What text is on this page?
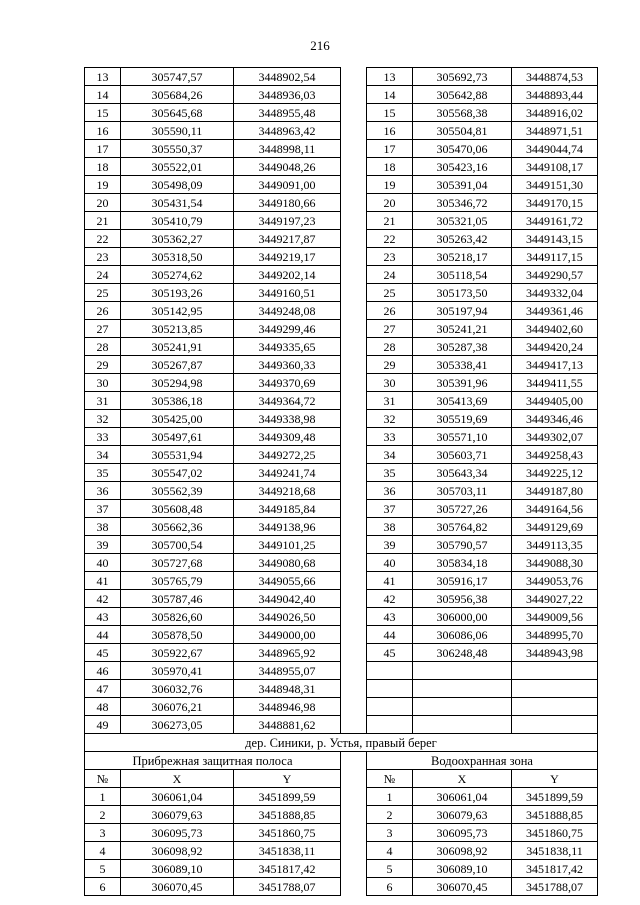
216
13	305747,57	3448902,54		13	305692,73	3448874,53
14	305684,26	3448936,03		14	305642,88	3448893,44
15	305645,68	3448955,48		15	305568,38	3448916,02
16	305590,11	3448963,42		16	305504,81	3448971,51
17	305550,37	3448998,11		17	305470,06	3449044,74
18	305522,01	3449048,26		18	305423,16	3449108,17
19	305498,09	3449091,00		19	305391,04	3449151,30
20	305431,54	3449180,66		20	305346,72	3449170,15
21	305410,79	3449197,23		21	305321,05	3449161,72
22	305362,27	3449217,87		22	305263,42	3449143,15
23	305318,50	3449219,17		23	305218,17	3449117,15
24	305274,62	3449202,14		24	305118,54	3449290,57
25	305193,26	3449160,51		25	305173,50	3449332,04
26	305142,95	3449248,08		26	305197,94	3449361,46
27	305213,85	3449299,46		27	305241,21	3449402,60
28	305241,91	3449335,65		28	305287,38	3449420,24
29	305267,87	3449360,33		29	305338,41	3449417,13
30	305294,98	3449370,69		30	305391,96	3449411,55
31	305386,18	3449364,72		31	305413,69	3449405,00
32	305425,00	3449338,98		32	305519,69	3449346,46
33	305497,61	3449309,48		33	305571,10	3449302,07
34	305531,94	3449272,25		34	305603,71	3449258,43
35	305547,02	3449241,74		35	305643,34	3449225,12
36	305562,39	3449218,68		36	305703,11	3449187,80
37	305608,48	3449185,84		37	305727,26	3449164,56
38	305662,36	3449138,96		38	305764,82	3449129,69
39	305700,54	3449101,25		39	305790,57	3449113,35
40	305727,68	3449080,68		40	305834,18	3449088,30
41	305765,79	3449055,66		41	305916,17	3449053,76
42	305787,46	3449042,40		42	305956,38	3449027,22
43	305826,60	3449026,50		43	306000,00	3449009,56
44	305878,50	3449000,00		44	306086,06	3448995,70
45	305922,67	3448965,92		45	306248,48	3448943,98
46	305970,41	3448955,07				
47	306032,76	3448948,31				
48	306076,21	3448946,98				
49	306273,05	3448881,62				
дер. Синики, р. Устья, правый берег						
Прибрежная защитная полоса				Водоохранная зона		
№	X	Y		№	X	Y
1	306061,04	3451899,59		1	306061,04	3451899,59
2	306079,63	3451888,85		2	306079,63	3451888,85
3	306095,73	3451860,75		3	306095,73	3451860,75
4	306098,92	3451838,11		4	306098,92	3451838,11
5	306089,10	3451817,42		5	306089,10	3451817,42
6	306070,45	3451788,07		6	306070,45	3451788,07
